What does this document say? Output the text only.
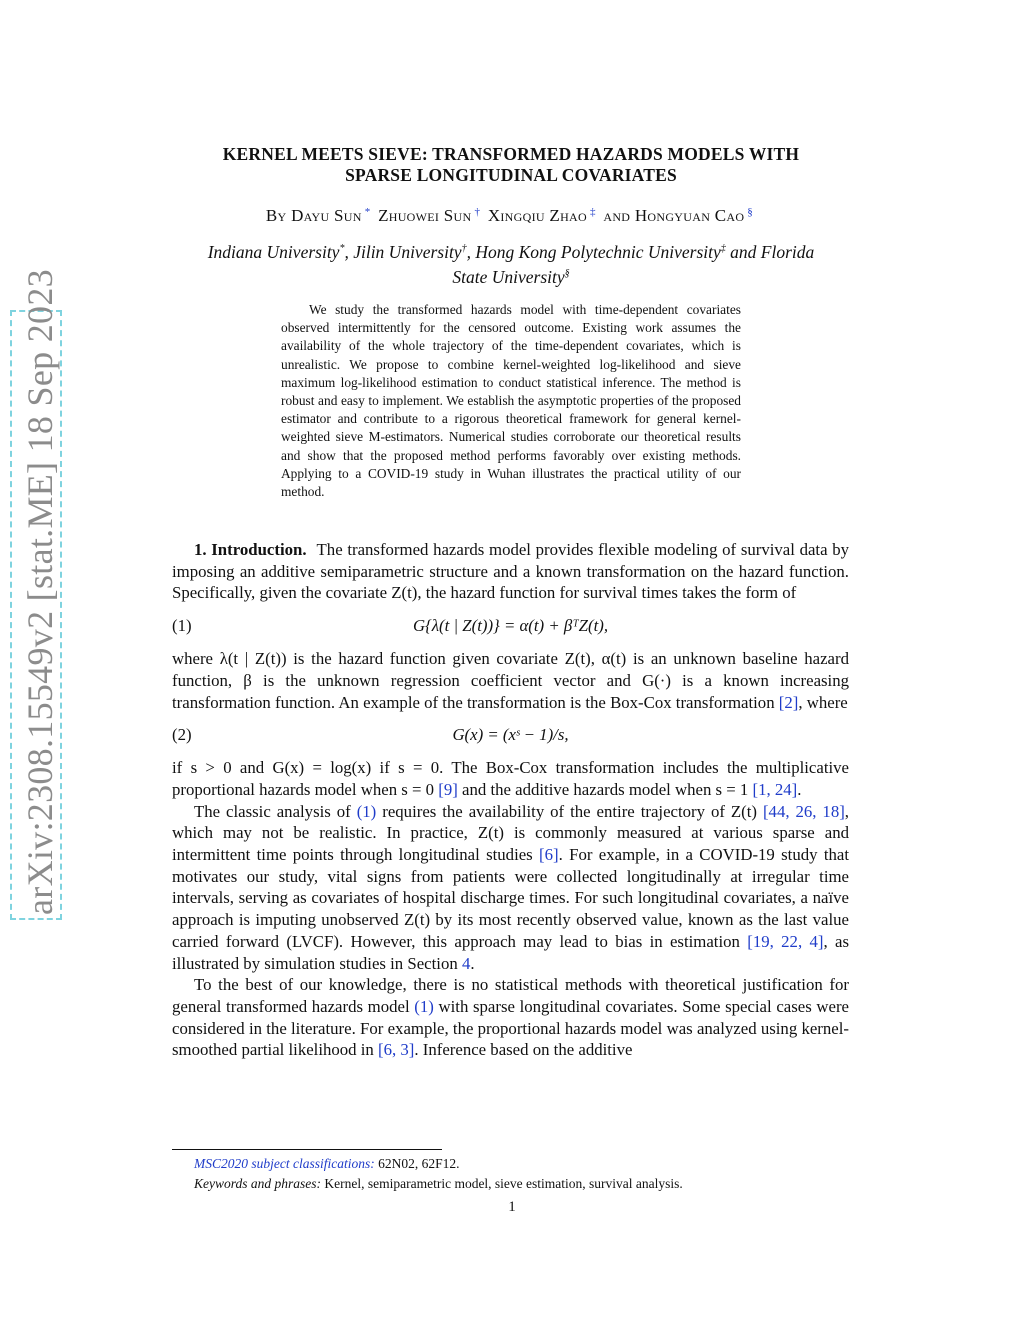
arXiv:2308.15549v2 [stat.ME] 18 Sep 2023
KERNEL MEETS SIEVE: TRANSFORMED HAZARDS MODELS WITH
SPARSE LONGITUDINAL COVARIATES
By Dayu Sun * Zhuowei Sun † Xingqiu Zhao ‡ and Hongyuan Cao §
Indiana University*, Jilin University†, Hong Kong Polytechnic University‡ and Florida
State University§
We study the transformed hazards model with time-dependent covariates observed intermittently for the censored outcome. Existing work assumes the availability of the whole trajectory of the time-dependent covariates, which is unrealistic. We propose to combine kernel-weighted log-likelihood and sieve maximum log-likelihood estimation to conduct statistical inference. The method is robust and easy to implement. We establish the asymptotic properties of the proposed estimator and contribute to a rigorous theoretical framework for general kernel-weighted sieve M-estimators. Numerical studies corroborate our theoretical results and show that the proposed method performs favorably over existing methods. Applying to a COVID-19 study in Wuhan illustrates the practical utility of our method.

1. Introduction. The transformed hazards model provides flexible modeling of survival data by imposing an additive semiparametric structure and a known transformation on the hazard function. Specifically, given the covariate Z(t), the hazard function for survival times takes the form of

(1)	G{λ(t | Z(t))} = α(t) + βᵀZ(t),

where λ(t | Z(t)) is the hazard function given covariate Z(t), α(t) is an unknown baseline hazard function, β is the unknown regression coefficient vector and G(·) is a known increasing transformation function. An example of the transformation is the Box-Cox transformation [2], where

(2)	G(x) = (xˢ − 1)/s,

if s > 0 and G(x) = log(x) if s = 0. The Box-Cox transformation includes the multiplicative proportional hazards model when s = 0 [9] and the additive hazards model when s = 1 [1, 24].

The classic analysis of (1) requires the availability of the entire trajectory of Z(t) [44, 26, 18], which may not be realistic. In practice, Z(t) is commonly measured at various sparse and intermittent time points through longitudinal studies [6]. For example, in a COVID-19 study that motivates our study, vital signs from patients were collected longitudinally at irregular time intervals, serving as covariates of hospital discharge times. For such longitudinal covariates, a naïve approach is imputing unobserved Z(t) by its most recently observed value, known as the last value carried forward (LVCF). However, this approach may lead to bias in estimation [19, 22, 4], as illustrated by simulation studies in Section 4.

To the best of our knowledge, there is no statistical methods with theoretical justification for general transformed hazards model (1) with sparse longitudinal covariates. Some special cases were considered in the literature. For example, the proportional hazards model was analyzed using kernel-smoothed partial likelihood in [6, 3]. Inference based on the additive

MSC2020 subject classifications: 62N02, 62F12.
Keywords and phrases: Kernel, semiparametric model, sieve estimation, survival analysis.
1
